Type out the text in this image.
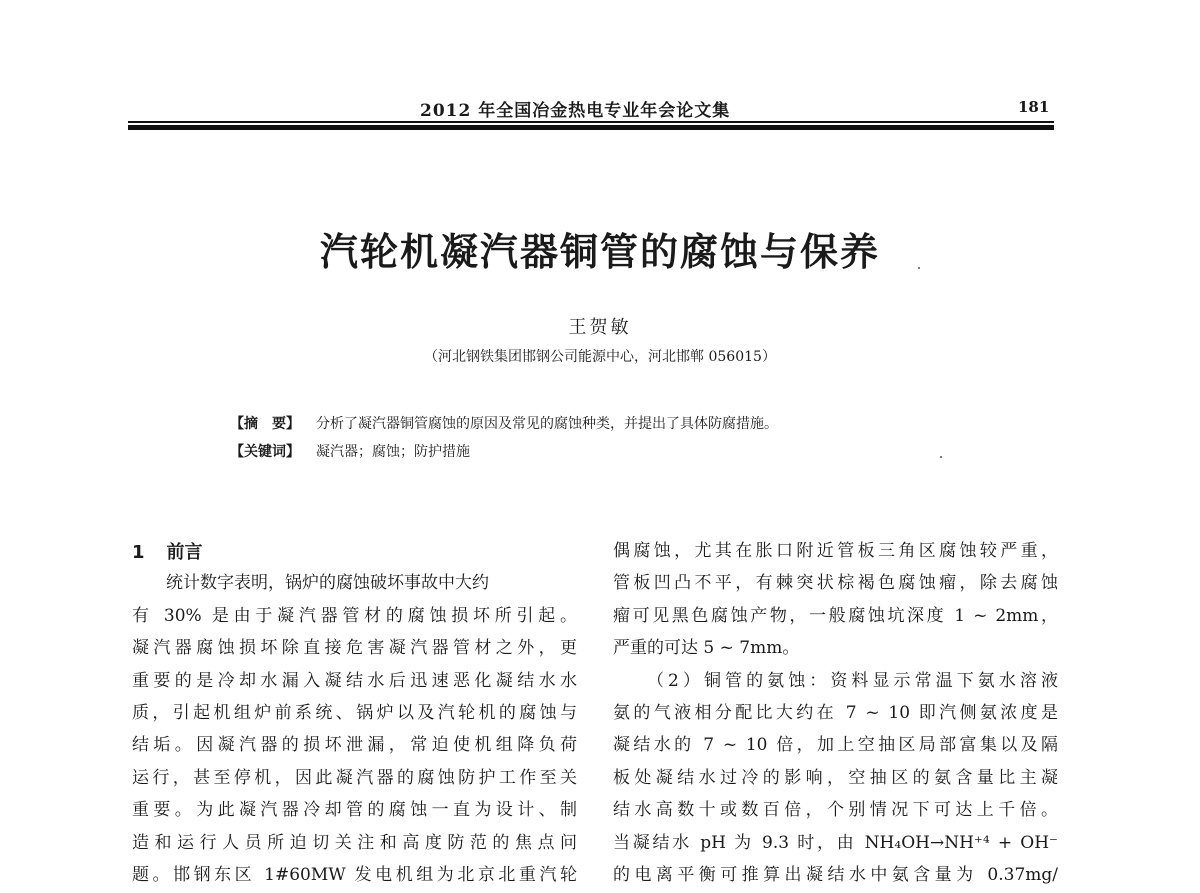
2012 年全国冶金热电专业年会论文集	181
汽轮机凝汽器铜管的腐蚀与保养
王贺敏
（河北钢铁集团邯钢公司能源中心，河北邯郸 056015）
【摘　要】 分析了凝汽器铜管腐蚀的原因及常见的腐蚀种类，并提出了具体防腐措施。
【关键词】 凝汽器；腐蚀；防护措施
1 前言
统计数字表明，锅炉的腐蚀破坏事故中大约
有 30% 是由于凝汽器管材的腐蚀损坏所引起。
凝汽器腐蚀损坏除直接危害凝汽器管材之外，更
重要的是冷却水漏入凝结水后迅速恶化凝结水水
质，引起机组炉前系统、锅炉以及汽轮机的腐蚀与
结垢。因凝汽器的损坏泄漏，常迫使机组降负荷
运行，甚至停机，因此凝汽器的腐蚀防护工作至关
重要。为此凝汽器冷却管的腐蚀一直为设计、制
造和运行人员所迫切关注和高度防范的焦点问
题。邯钢东区 1#60MW 发电机组为北京北重汽轮
偶腐蚀，尤其在胀口附近管板三角区腐蚀较严重，
管板凹凸不平，有棘突状棕褐色腐蚀瘤，除去腐蚀
瘤可见黑色腐蚀产物，一般腐蚀坑深度 1 ~ 2mm，
严重的可达 5 ~ 7mm。
（2）铜管的氨蚀：资料显示常温下氨水溶液
氨的气液相分配比大约在 7 ~ 10 即汽侧氨浓度是
凝结水的 7 ~ 10 倍，加上空抽区局部富集以及隔
板处凝结水过冷的影响，空抽区的氨含量比主凝
结水高数十或数百倍，个别情况下可达上千倍。
当凝结水 pH 为 9.3 时，由 NH₄OH→NH⁺⁴ + OH⁻
的电离平衡可推算出凝结水中氨含量为 0.37mg/
